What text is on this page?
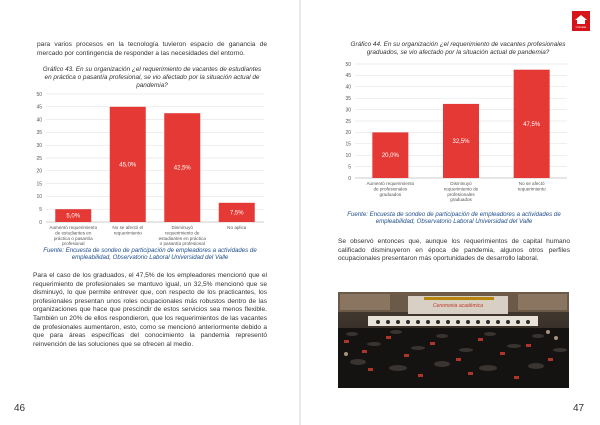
para varios procesos en la tecnología tuvieron espacio de ganancia de mercado por contingencia de responder a las necesidades del entorno.

Gráfico 43. En su organización ¿el requerimiento de vacantes de estudiantes en práctica o pasantía profesional, se vio afectado por la situación actual de pandemia?

0
5
10
15
20
25
30
35
40
45
50
5,0%
Aumentó requerimiento
de estudiantes en
práctica o pasantía
profesional
45,0%
No se afectó el
requerimiento
42,5%
Disminuyó
requerimiento de
estudiantes en práctica
o pasantía profesional
7,5%
No aplica

Fuente: Encuesta de sondeo de participación de empleadores a actividades de empleabilidad, Observatorio Laboral Universidad del Valle

Para el caso de los graduados, el 47,5% de los empleadores mencionó que el requerimiento de profesionales se mantuvo igual, un 32,5% mencionó que se disminuyó, lo que permite entrever que, con respecto de los practicantes, los profesionales presentan unos roles ocupacionales más robustos dentro de las organizaciones que hace que prescindir de estos servicios sea menos flexible. También un 20% de ellos respondieron, que los requerimientos de las vacantes de profesionales aumentaron, esto, como se mencionó anteriormente debido a que para áreas específicas del conocimiento la pandemia representó reinvención de las soluciones que se ofrecen al medio.

46
Univalle

Gráfico 44. En su organización ¿el requerimiento de vacantes profesionales graduados, se vio afectado por la situación actual de pandemia?

0
5
10
15
20
25
30
35
40
45
50
20,0%
Aumentó requerimiento
de profesionales
graduados
32,5%
Disminuyó
requerimiento de
profesionales
graduados
47,5%
No se afectó
requerimiento

Fuente: Encuesta de sondeo de participación de empleadores a actividades de empleabilidad, Observatorio Laboral Universidad del Valle

Se observó entonces que, aunque los requerimientos de capital humano calificado disminuyeron en época de pandemia, algunos otros perfiles ocupacionales presentaron más oportunidades de desarrollo laboral.

Ceremonia académica
47
